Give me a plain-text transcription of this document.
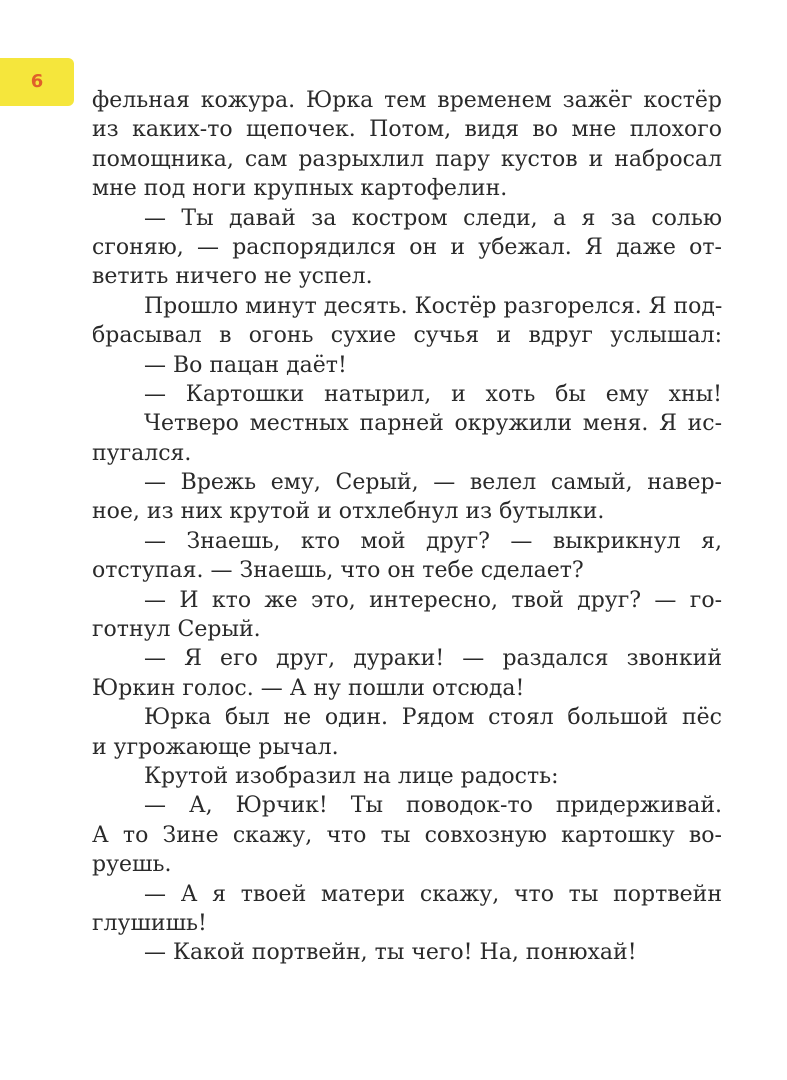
6
фельная кожура. Юрка тем временем зажёг костёр
из каких-то щепочек. Потом, видя во мне плохого
помощника, сам разрыхлил пару кустов и набросал
мне под ноги крупных картофелин.
— Ты давай за костром следи, а я за солью
сгоняю, — распорядился он и убежал. Я даже от-
ветить ничего не успел.
Прошло минут десять. Костёр разгорелся. Я под-
брасывал в огонь сухие сучья и вдруг услышал:
— Во пацан даёт!
— Картошки натырил, и хоть бы ему хны!
Четверо местных парней окружили меня. Я ис-
пугался.
— Врежь ему, Серый, — велел самый, навер-
ное, из них крутой и отхлебнул из бутылки.
— Знаешь, кто мой друг? — выкрикнул я,
отступая. — Знаешь, что он тебе сделает?
— И кто же это, интересно, твой друг? — го-
готнул Серый.
— Я его друг, дураки! — раздался звонкий
Юркин голос. — А ну пошли отсюда!
Юрка был не один. Рядом стоял большой пёс
и угрожающе рычал.
Крутой изобразил на лице радость:
— А, Юрчик! Ты поводок-то придерживай.
А то Зине скажу, что ты совхозную картошку во-
руешь.
— А я твоей матери скажу, что ты портвейн
глушишь!
— Какой портвейн, ты чего! На, понюхай!
